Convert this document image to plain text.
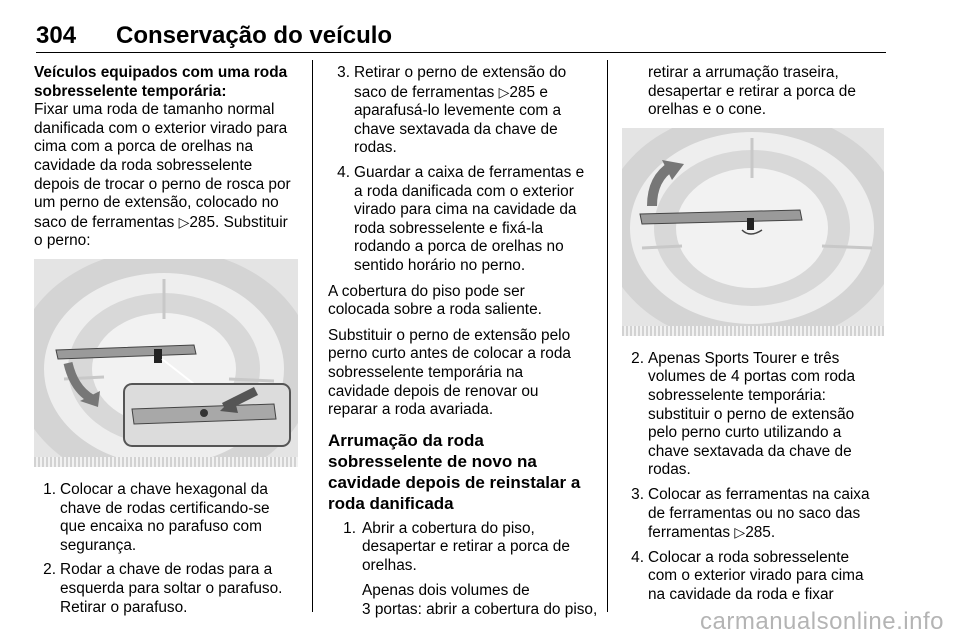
304 Conservação do veículo

Veículos equipados com uma roda

sobresselente temporária:

Fixar uma roda de tamanho normal

danificada com o exterior virado para

cima com a porca de orelhas na

cavidade da roda sobresselente

depois de trocar o perno de rosca por

um perno de extensão, colocado no

saco de ferramentas ▷285. Substituir

o perno:

1. Colocar a chave hexagonal da

chave de rodas certificando-se

que encaixa no parafuso com

segurança.

2. Rodar a chave de rodas para a

esquerda para soltar o parafuso.

Retirar o parafuso.

3. Retirar o perno de extensão do

saco de ferramentas ▷285 e

aparafusá-lo levemente com a

chave sextavada da chave de

rodas.

4. Guardar a caixa de ferramentas e

a roda danificada com o exterior

virado para cima na cavidade da

roda sobresselente e fixá-la

rodando a porca de orelhas no

sentido horário no perno.

A cobertura do piso pode ser

colocada sobre a roda saliente.

Substituir o perno de extensão pelo

perno curto antes de colocar a roda

sobresselente temporária na

cavidade depois de renovar ou

reparar a roda avariada.

Arrumação da roda

sobresselente de novo na

cavidade depois de reinstalar a

roda danificada

1. Abrir a cobertura do piso,

desapertar e retirar a porca de

orelhas.

Apenas dois volumes de

3 portas: abrir a cobertura do piso,

retirar a arrumação traseira,

desapertar e retirar a porca de

orelhas e o cone.

2. Apenas Sports Tourer e três

volumes de 4 portas com roda

sobresselente temporária:

substituir o perno de extensão

pelo perno curto utilizando a

chave sextavada da chave de

rodas.

3. Colocar as ferramentas na caixa

de ferramentas ou no saco das

ferramentas ▷285.

4. Colocar a roda sobresselente

com o exterior virado para cima

na cavidade da roda e fixar

carmanualsonline.info
